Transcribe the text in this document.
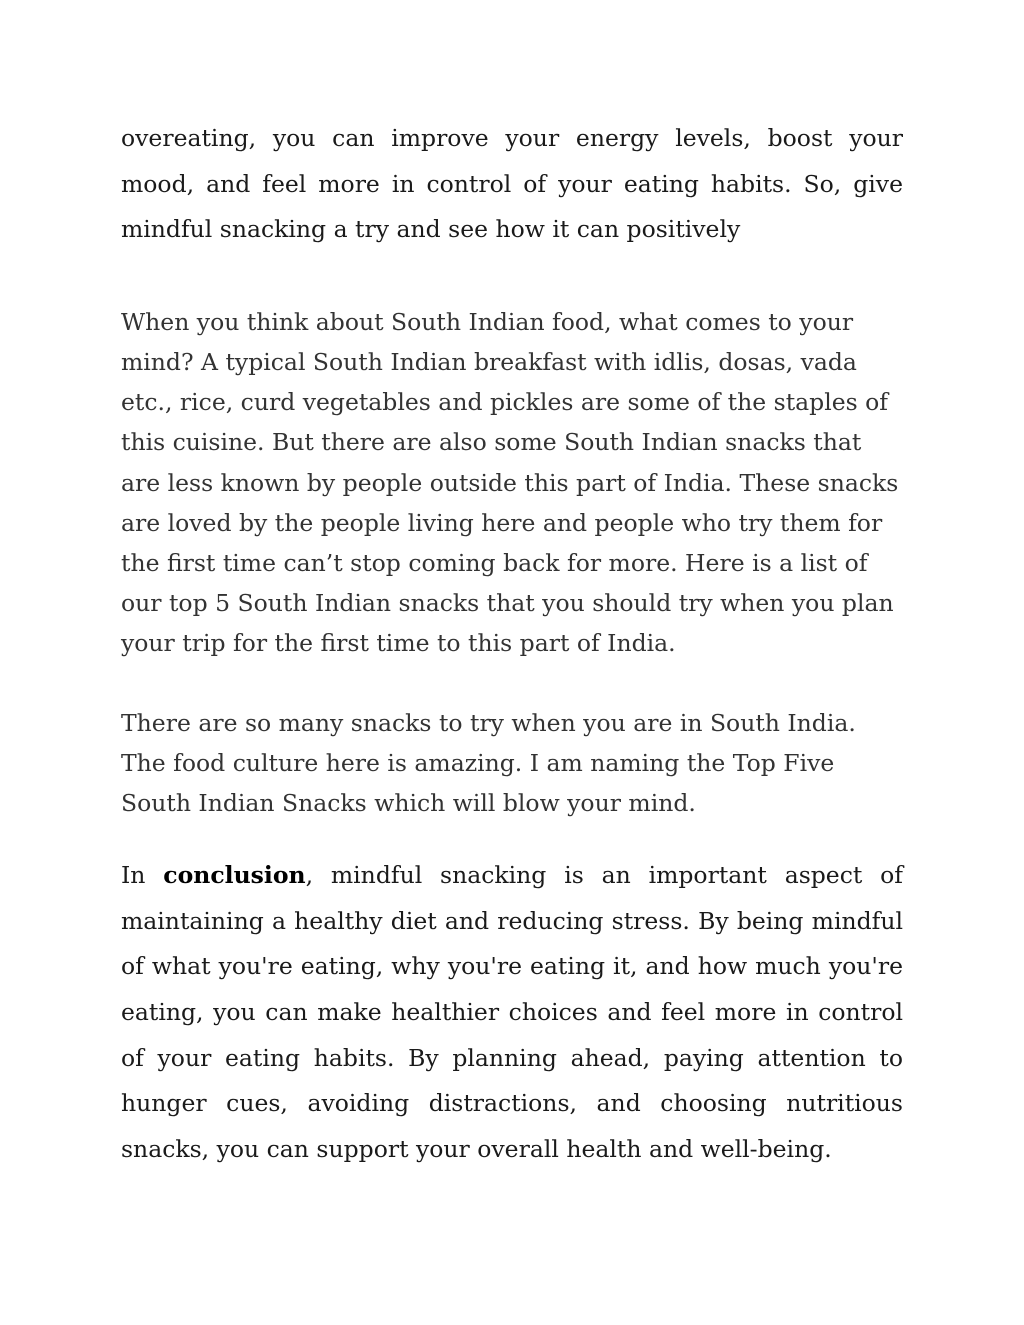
overeating, you can improve your energy levels, boost your mood, and feel more in control of your eating habits. So, give mindful snacking a try and see how it can positively

When you think about South Indian food, what comes to your mind? A typical South Indian breakfast with idlis, dosas, vada etc., rice, curd vegetables and pickles are some of the staples of this cuisine. But there are also some South Indian snacks that are less known by people outside this part of India. These snacks are loved by the people living here and people who try them for the first time can’t stop coming back for more. Here is a list of our top 5 South Indian snacks that you should try when you plan your trip for the first time to this part of India.

There are so many snacks to try when you are in South India. The food culture here is amazing. I am naming the Top Five South Indian Snacks which will blow your mind.

In conclusion, mindful snacking is an important aspect of maintaining a healthy diet and reducing stress. By being mindful of what you're eating, why you're eating it, and how much you're eating, you can make healthier choices and feel more in control of your eating habits. By planning ahead, paying attention to hunger cues, avoiding distractions, and choosing nutritious snacks, you can support your overall health and well-being.
